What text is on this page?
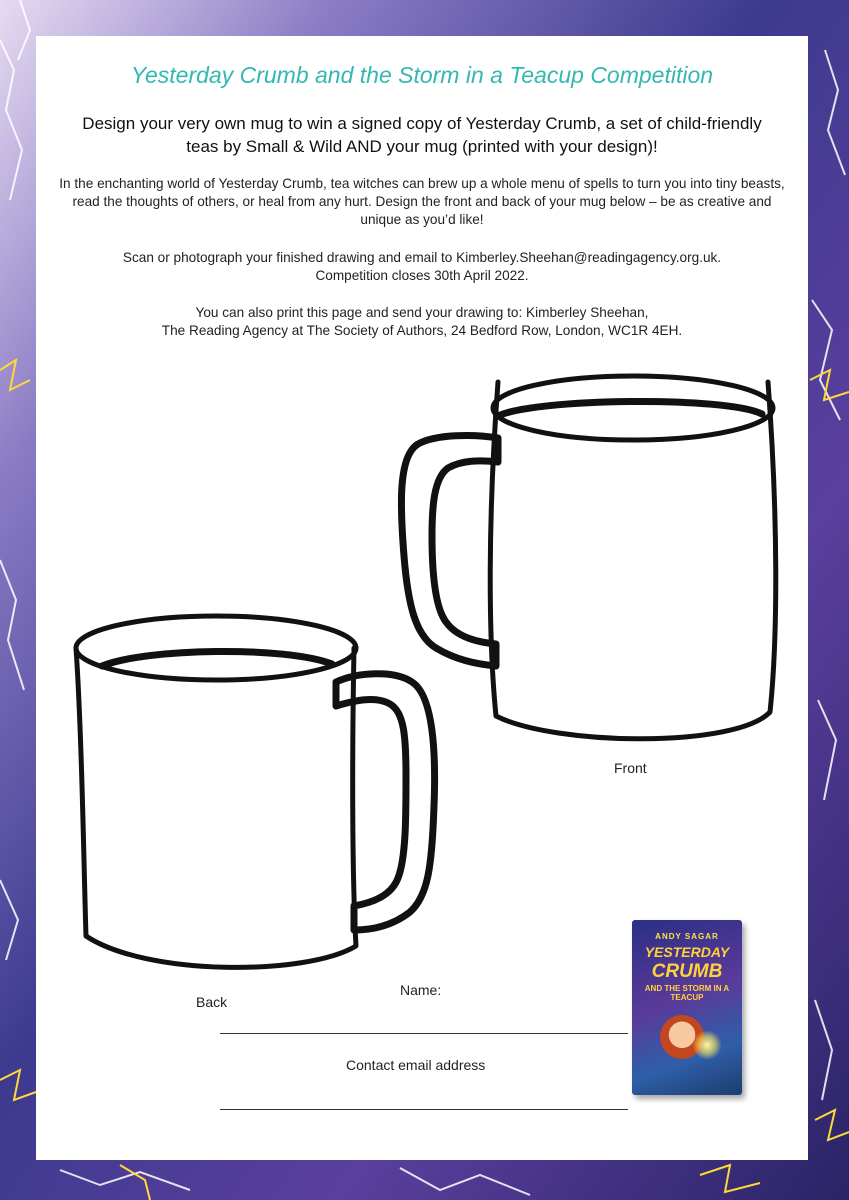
Yesterday Crumb and the Storm in a Teacup Competition
Design your very own mug to win a signed copy of Yesterday Crumb, a set of child-friendly teas by Small & Wild AND your mug (printed with your design)!
In the enchanting world of Yesterday Crumb, tea witches can brew up a whole menu of spells to turn you into tiny beasts, read the thoughts of others, or heal from any hurt. Design the front and back of your mug below – be as creative and unique as you’d like!
Scan or photograph your finished drawing and email to Kimberley.Sheehan@readingagency.org.uk.
Competition closes 30th April 2022.
You can also print this page and send your drawing to: Kimberley Sheehan,
The Reading Agency at The Society of Authors, 24 Bedford Row, London, WC1R 4EH.
Front
Back
Name:
Contact email address
ANDY SAGAR
YESTERDAY
CRUMB
AND THE STORM IN A TEACUP
